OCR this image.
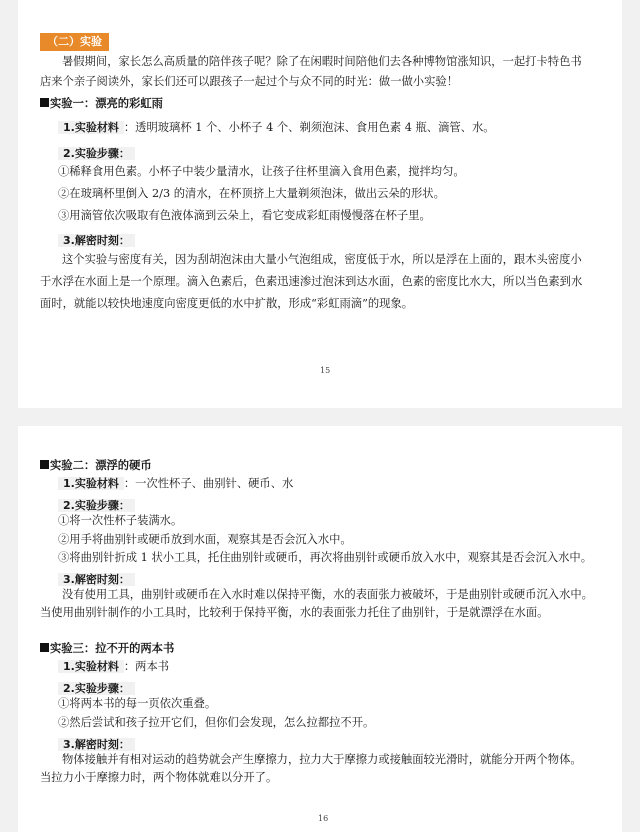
（二）实验
暑假期间，家长怎么高质量的陪伴孩子呢？除了在闲暇时间陪他们去各种博物馆涨知识，一起打卡特色书
店来个亲子阅读外，家长们还可以跟孩子一起过个与众不同的时光：做一做小实验！
实验一：漂亮的彩虹雨
1.实验材料 ：透明玻璃杯 1 个、小杯子 4 个、剃须泡沫、食用色素 4 瓶、滴管、水。
2.实验步骤：
①稀释食用色素。小杯子中装少量清水，让孩子往杯里滴入食用色素，搅拌均匀。
②在玻璃杯里倒入 2/3 的清水，在杯顶挤上大量剃须泡沫，做出云朵的形状。
③用滴管依次吸取有色液体滴到云朵上，看它变成彩虹雨慢慢落在杯子里。
3.解密时刻：
这个实验与密度有关，因为刮胡泡沫由大量小气泡组成，密度低于水，所以是浮在上面的，跟木头密度小
于水浮在水面上是一个原理。滴入色素后，色素迅速渗过泡沫到达水面，色素的密度比水大，所以当色素到水
面时，就能以较快地速度向密度更低的水中扩散，形成“彩虹雨滴”的现象。
15
实验二：漂浮的硬币
1.实验材料 ：一次性杯子、曲别针、硬币、水
2.实验步骤：
①将一次性杯子装满水。
②用手将曲别针或硬币放到水面，观察其是否会沉入水中。
③将曲别针折成 1 状小工具，托住曲别针或硬币，再次将曲别针或硬币放入水中，观察其是否会沉入水中。
3.解密时刻：
没有使用工具，曲别针或硬币在入水时难以保持平衡，水的表面张力被破坏，于是曲别针或硬币沉入水中。
当使用曲别针制作的小工具时，比较利于保持平衡，水的表面张力托住了曲别针，于是就漂浮在水面。
实验三：拉不开的两本书
1.实验材料 ：两本书
2.实验步骤：
①将两本书的每一页依次重叠。
②然后尝试和孩子拉开它们，但你们会发现，怎么拉都拉不开。
3.解密时刻：
物体接触并有相对运动的趋势就会产生摩擦力，拉力大于摩擦力或接触面较光滑时，就能分开两个物体。
当拉力小于摩擦力时，两个物体就难以分开了。
16
